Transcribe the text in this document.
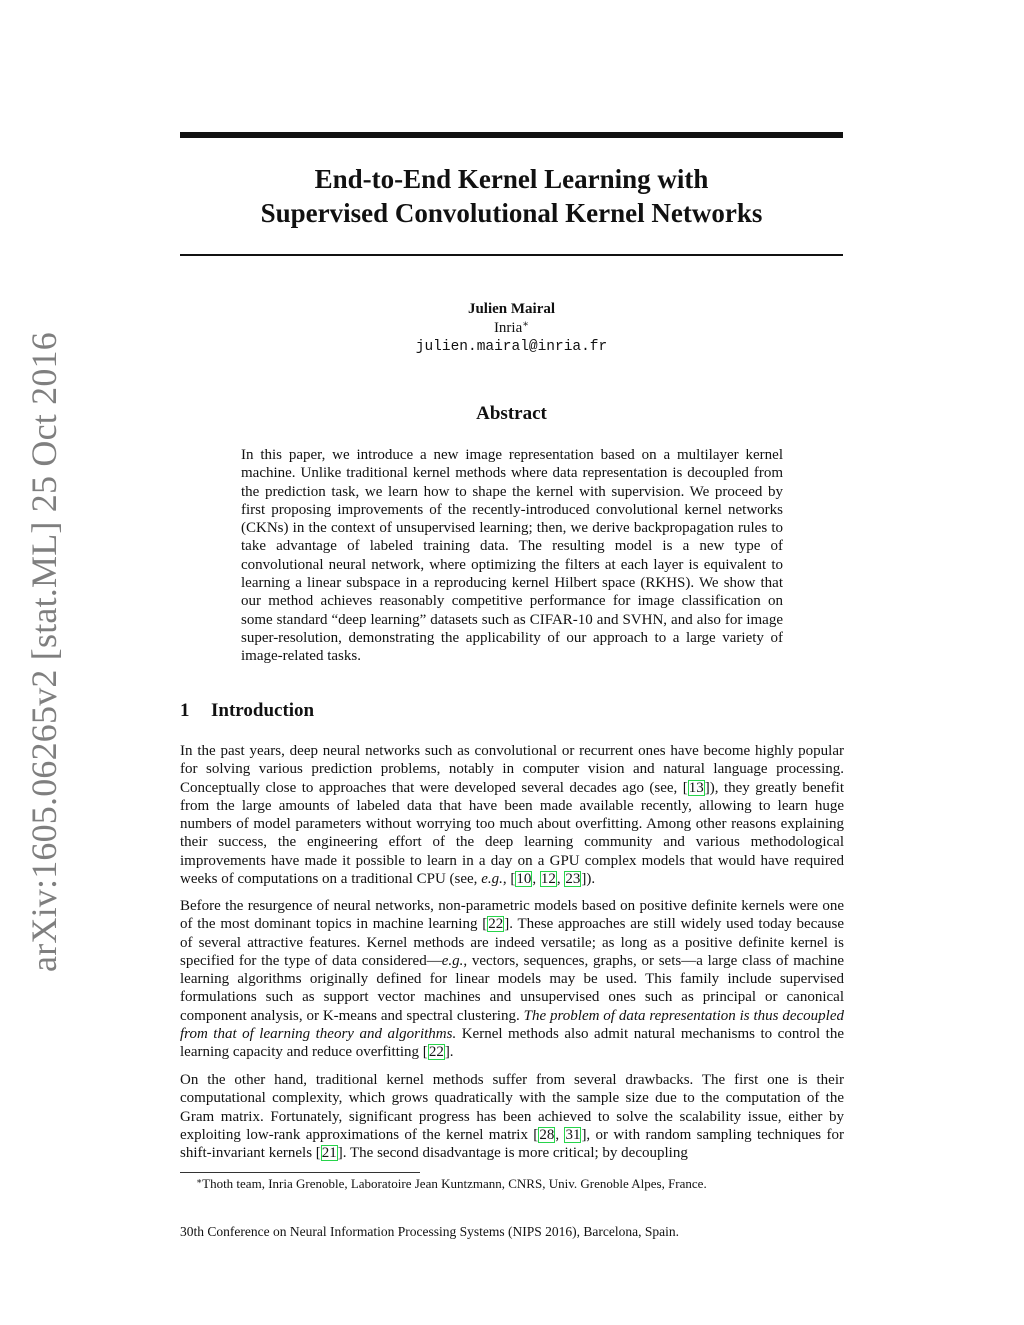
arXiv:1605.06265v2 [stat.ML] 25 Oct 2016
End-to-End Kernel Learning with
Supervised Convolutional Kernel Networks
Julien Mairal
Inria∗
julien.mairal@inria.fr
Abstract
In this paper, we introduce a new image representation based on a multilayer kernel machine. Unlike traditional kernel methods where data representation is decoupled from the prediction task, we learn how to shape the kernel with supervision. We proceed by first proposing improvements of the recently-introduced convolutional kernel networks (CKNs) in the context of unsupervised learning; then, we derive backpropagation rules to take advantage of labeled training data. The resulting model is a new type of convolutional neural network, where optimizing the filters at each layer is equivalent to learning a linear subspace in a reproducing kernel Hilbert space (RKHS). We show that our method achieves reasonably competitive performance for image classification on some standard “deep learning” datasets such as CIFAR-10 and SVHN, and also for image super-resolution, demonstrating the applicability of our approach to a large variety of image-related tasks.
1 Introduction
In the past years, deep neural networks such as convolutional or recurrent ones have become highly popular for solving various prediction problems, notably in computer vision and natural language processing. Conceptually close to approaches that were developed several decades ago (see, [13]), they greatly benefit from the large amounts of labeled data that have been made available recently, allowing to learn huge numbers of model parameters without worrying too much about overfitting. Among other reasons explaining their success, the engineering effort of the deep learning community and various methodological improvements have made it possible to learn in a day on a GPU complex models that would have required weeks of computations on a traditional CPU (see, e.g., [10, 12, 23]).
Before the resurgence of neural networks, non-parametric models based on positive definite kernels were one of the most dominant topics in machine learning [22]. These approaches are still widely used today because of several attractive features. Kernel methods are indeed versatile; as long as a positive definite kernel is specified for the type of data considered—e.g., vectors, sequences, graphs, or sets—a large class of machine learning algorithms originally defined for linear models may be used. This family include supervised formulations such as support vector machines and unsupervised ones such as principal or canonical component analysis, or K-means and spectral clustering. The problem of data representation is thus decoupled from that of learning theory and algorithms. Kernel methods also admit natural mechanisms to control the learning capacity and reduce overfitting [22].
On the other hand, traditional kernel methods suffer from several drawbacks. The first one is their computational complexity, which grows quadratically with the sample size due to the computation of the Gram matrix. Fortunately, significant progress has been achieved to solve the scalability issue, either by exploiting low-rank approximations of the kernel matrix [28, 31], or with random sampling techniques for shift-invariant kernels [21]. The second disadvantage is more critical; by decoupling
∗Thoth team, Inria Grenoble, Laboratoire Jean Kuntzmann, CNRS, Univ. Grenoble Alpes, France.
30th Conference on Neural Information Processing Systems (NIPS 2016), Barcelona, Spain.
